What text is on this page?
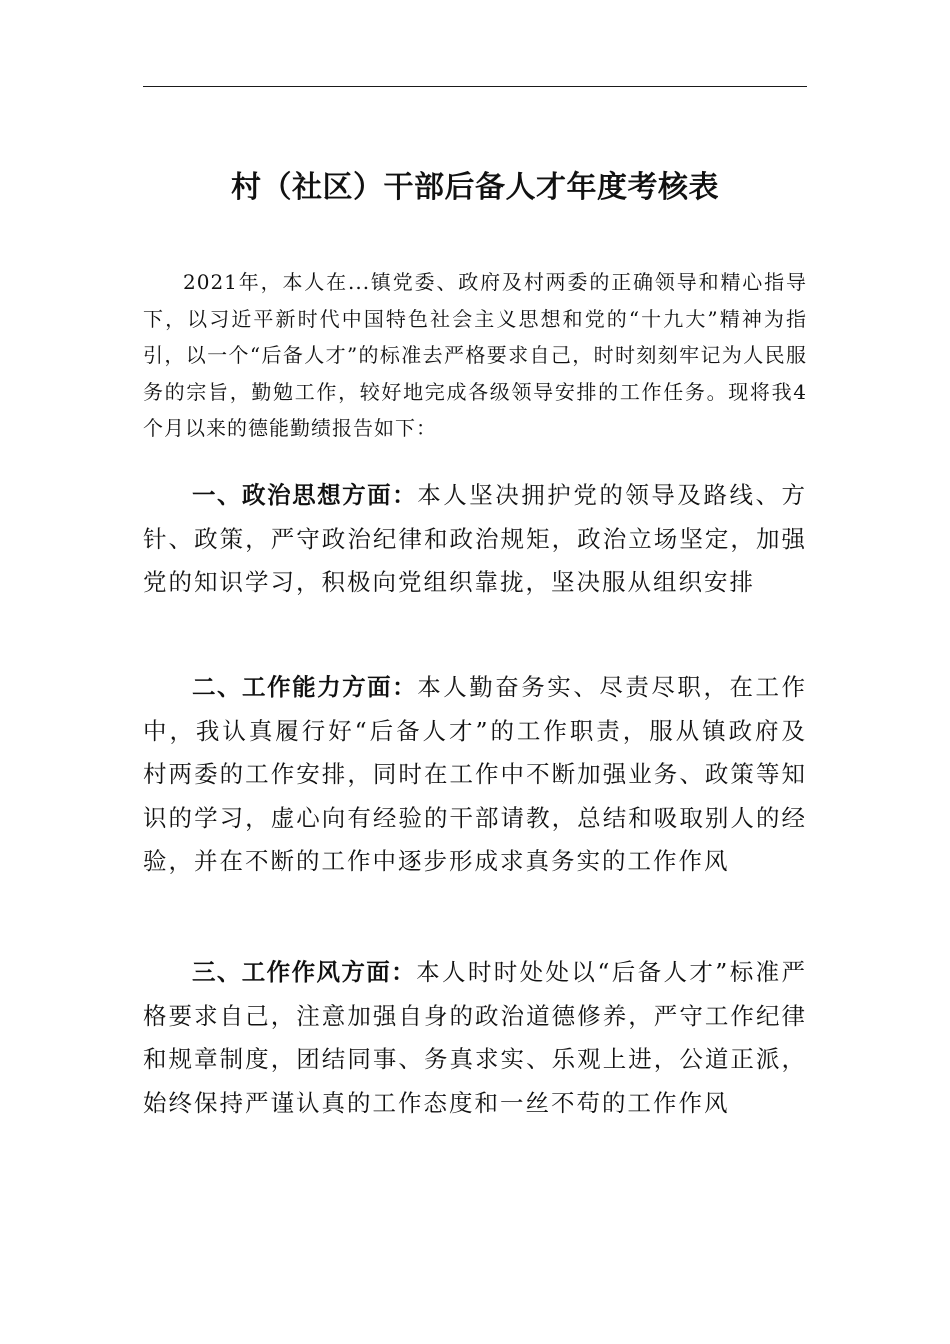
村（社区）干部后备人才年度考核表

2021年，本人在...镇党委、政府及村两委的正确领导和精心指导下，以习近平新时代中国特色社会主义思想和党的“十九大”精神为指引，以一个“后备人才”的标准去严格要求自己，时时刻刻牢记为人民服务的宗旨，勤勉工作，较好地完成各级领导安排的工作任务。现将我4个月以来的德能勤绩报告如下：

一、政治思想方面：本人坚决拥护党的领导及路线、方针、政策，严守政治纪律和政治规矩，政治立场坚定，加强党的知识学习，积极向党组织靠拢，坚决服从组织安排

二、工作能力方面：本人勤奋务实、尽责尽职，在工作中，我认真履行好“后备人才”的工作职责，服从镇政府及村两委的工作安排，同时在工作中不断加强业务、政策等知识的学习，虚心向有经验的干部请教，总结和吸取别人的经验，并在不断的工作中逐步形成求真务实的工作作风

三、工作作风方面：本人时时处处以“后备人才”标准严格要求自己，注意加强自身的政治道德修养，严守工作纪律和规章制度，团结同事、务真求实、乐观上进，公道正派，始终保持严谨认真的工作态度和一丝不苟的工作作风
